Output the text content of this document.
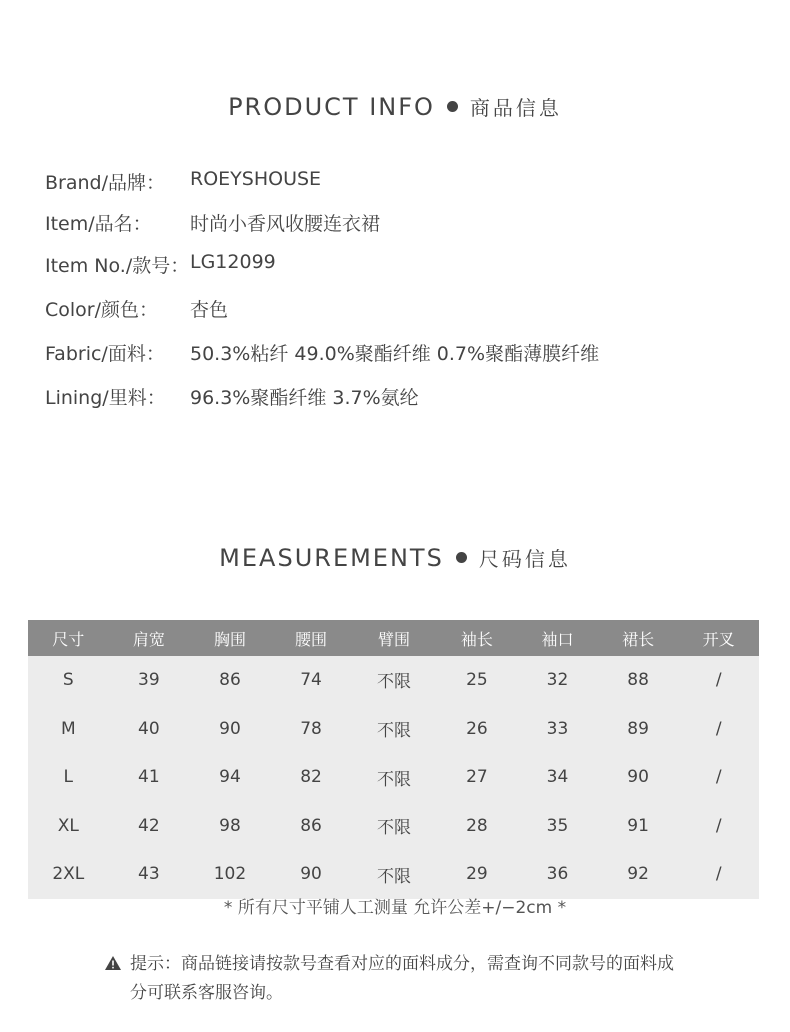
PRODUCT INFO 商品信息
Brand/品牌：	ROEYSHOUSE
Item/品名：	时尚小香风收腰连衣裙
Item No./款号： LG12099
Color/颜色：	杏色
Fabric/面料：	50.3%粘纤 49.0%聚酯纤维 0.7%聚酯薄膜纤维
Lining/里料：	96.3%聚酯纤维 3.7%氨纶
MEASUREMENTS 尺码信息
尺寸	肩宽	胸围	腰围	臂围	袖长	袖口	裙长	开叉
S	39	86	74	不限	25	32	88	/
M	40	90	78	不限	26	33	89	/
L	41	94	82	不限	27	34	90	/
XL	42	98	86	不限	28	35	91	/
2XL	43	102	90	不限	29	36	92	/
* 所有尺寸平铺人工测量 允许公差+/−2cm *
提示：商品链接请按款号查看对应的面料成分，需查询不同款号的面料成分可联系客服咨询。
